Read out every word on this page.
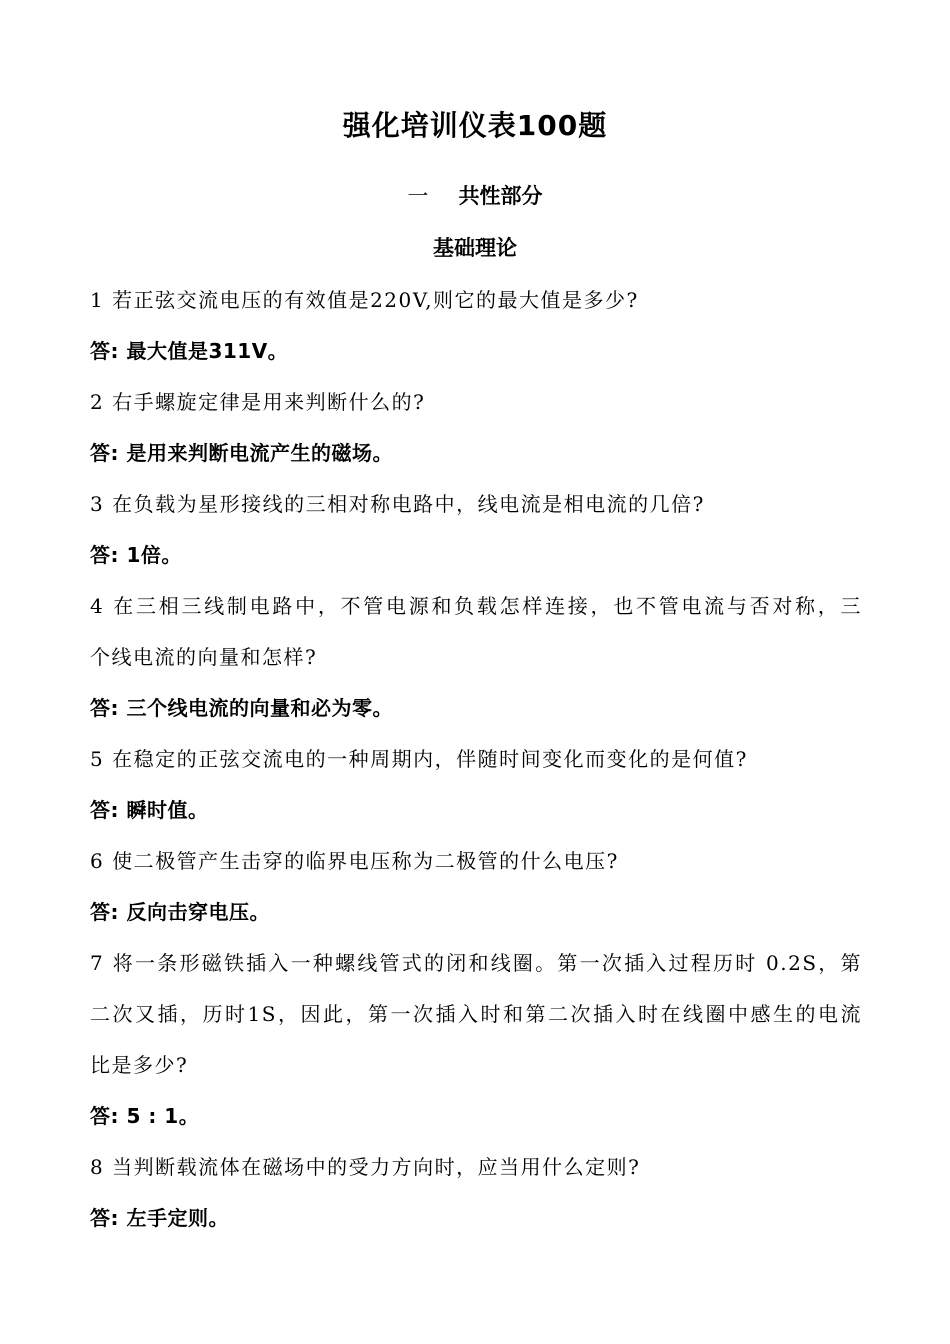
强化培训仪表100题
一 共性部分
基础理论
1 若正弦交流电压的有效值是220V,则它的最大值是多少?
答: 最大值是311V。
2 右手螺旋定律是用来判断什么的?
答: 是用来判断电流产生的磁场。
3 在负载为星形接线的三相对称电路中，线电流是相电流的几倍?
答: 1倍。
4 在三相三线制电路中，不管电源和负载怎样连接，也不管电流与否对称，三
个线电流的向量和怎样?
答: 三个线电流的向量和必为零。
5 在稳定的正弦交流电的一种周期内，伴随时间变化而变化的是何值?
答: 瞬时值。
6 使二极管产生击穿的临界电压称为二极管的什么电压?
答: 反向击穿电压。
7 将一条形磁铁插入一种螺线管式的闭和线圈。第一次插入过程历时 0.2S，第
二次又插，历时1S，因此，第一次插入时和第二次插入时在线圈中感生的电流
比是多少?
答: 5 : 1。
8 当判断载流体在磁场中的受力方向时，应当用什么定则?
答: 左手定则。
